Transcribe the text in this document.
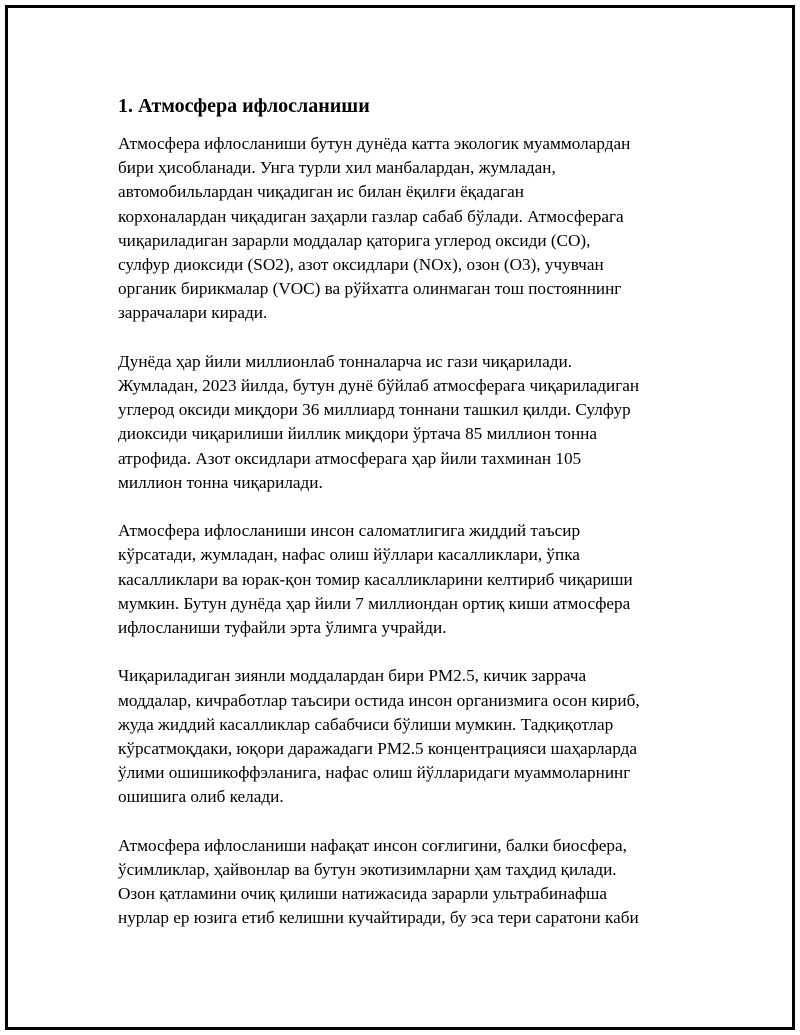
1. Атмосфера ифлосланиши
Атмосфера ифлосланиши бутун дунёда катта экологик муаммолардан
бири ҳисобланади. Унга турли хил манбалардан, жумладан,
автомобильлардан чиқадиган ис билан ёқилғи ёқадаган
корхоналардан чиқадиган заҳарли газлар сабаб бўлади. Атмосферага
чиқариладиган зарарли моддалар қаторига углерод оксиди (CO),
сулфур диоксиди (SO2), азот оксидлари (NOx), озон (O3), учувчан
органик бирикмалар (VOC) ва рўйхатга олинмаган тош постояннинг
заррачалари киради.
Дунёда ҳар йили миллионлаб тонналарча ис гази чиқарилади.
Жумладан, 2023 йилда, бутун дунё бўйлаб атмосферага чиқариладиган
углерод оксиди миқдори 36 миллиард тоннани ташкил қилди. Сулфур
диоксиди чиқарилиши йиллик миқдори ўртача 85 миллион тонна
атрофида. Азот оксидлари атмосферага ҳар йили тахминан 105
миллион тонна чиқарилади.
Атмосфера ифлосланиши инсон саломатлигига жиддий таъсир
кўрсатади, жумладан, нафас олиш йўллари касалликлари, ўпка
касалликлари ва юрак-қон томир касалликларини келтириб чиқариши
мумкин. Бутун дунёда ҳар йили 7 миллиондан ортиқ киши атмосфера
ифлосланиши туфайли эрта ўлимга учрайди.
Чиқариладиган зиянли моддалардан бири PM2.5, кичик заррача
моддалар, кичработлар таъсири остида инсон организмига осон кириб,
жуда жиддий касалликлар сабабчиси бўлиши мумкин. Тадқиқотлар
кўрсатмоқдаки, юқори даражадаги PM2.5 концентрацияси шаҳарларда
ўлими ошишикоффэланига, нафас олиш йўлларидаги муаммоларнинг
ошишига олиб келади.
Атмосфера ифлосланиши нафақат инсон соғлигини, балки биосфера,
ўсимликлар, ҳайвонлар ва бутун экотизимларни ҳам таҳдид қилади.
Озон қатламини очиқ қилиши натижасида зарарли ультрабинафша
нурлар ер юзига етиб келишни кучайтиради, бу эса тери саратони каби
